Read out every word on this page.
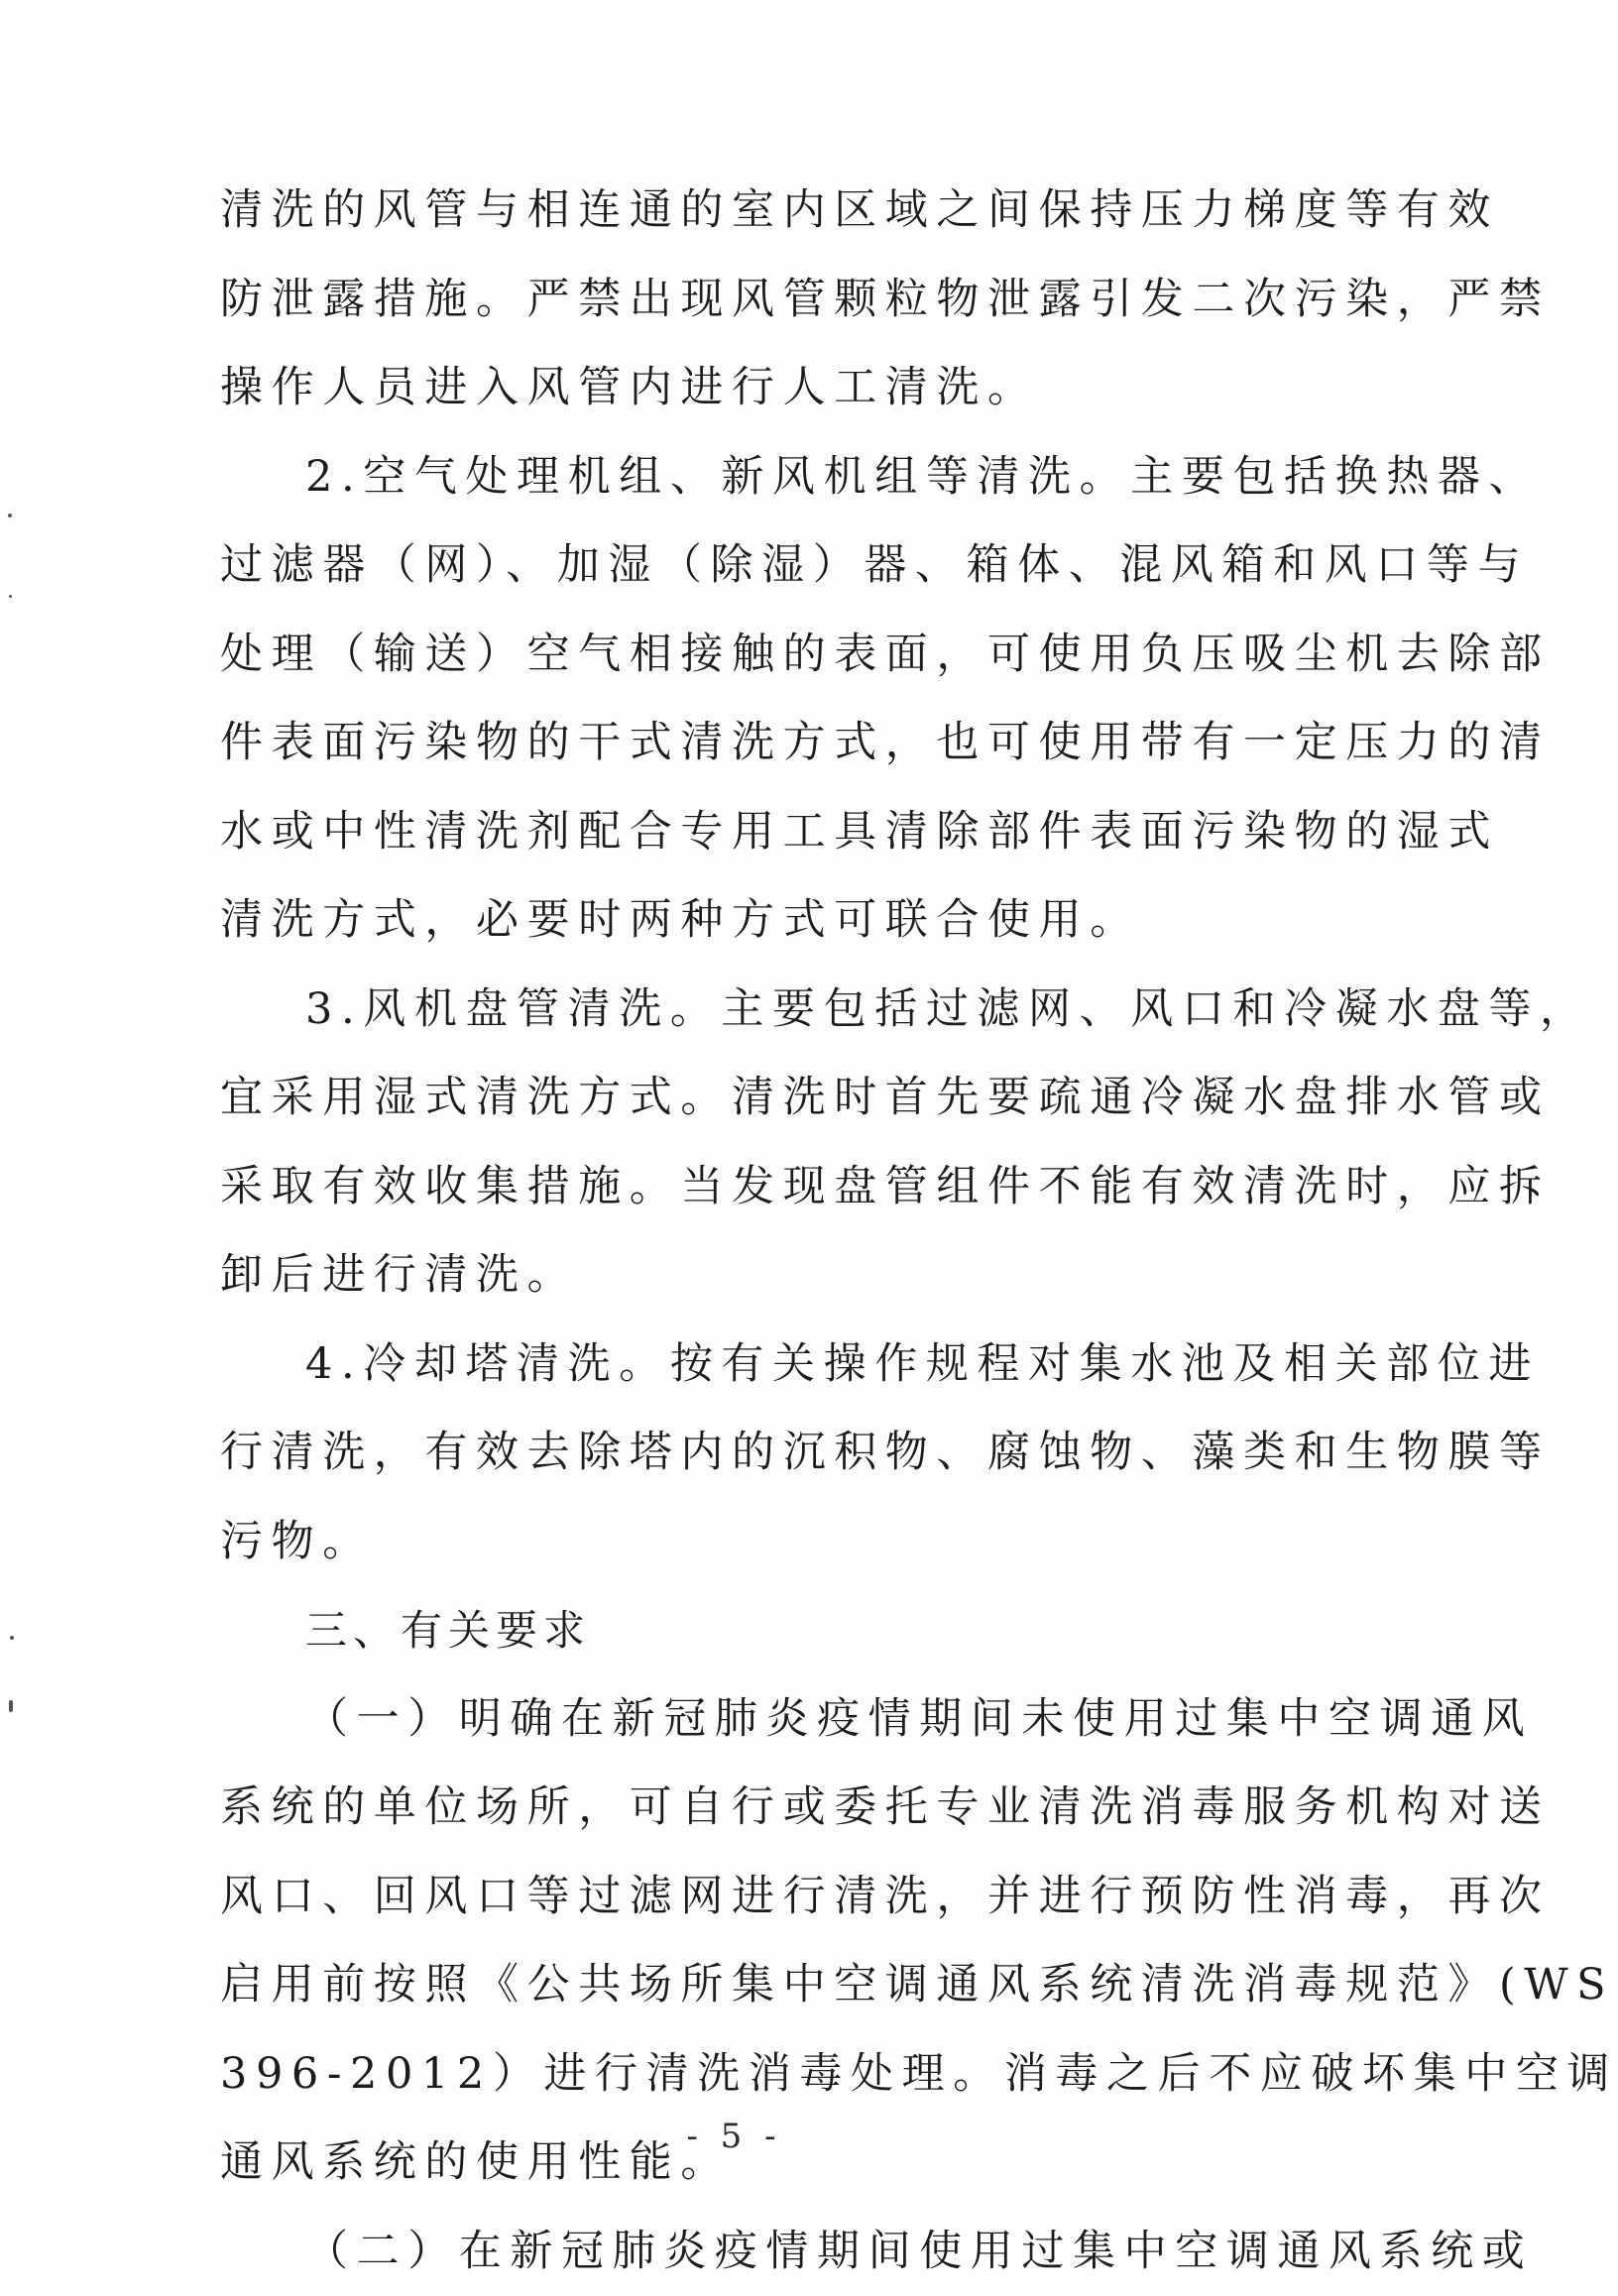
清洗的风管与相连通的室内区域之间保持压力梯度等有效
防泄露措施。严禁出现风管颗粒物泄露引发二次污染，严禁
操作人员进入风管内进行人工清洗。
2.空气处理机组、新风机组等清洗。主要包括换热器、
过滤器（网）、加湿（除湿）器、箱体、混风箱和风口等与
处理（输送）空气相接触的表面，可使用负压吸尘机去除部
件表面污染物的干式清洗方式，也可使用带有一定压力的清
水或中性清洗剂配合专用工具清除部件表面污染物的湿式
清洗方式，必要时两种方式可联合使用。
3.风机盘管清洗。主要包括过滤网、风口和冷凝水盘等，
宜采用湿式清洗方式。清洗时首先要疏通冷凝水盘排水管或
采取有效收集措施。当发现盘管组件不能有效清洗时，应拆
卸后进行清洗。
4.冷却塔清洗。按有关操作规程对集水池及相关部位进
行清洗，有效去除塔内的沉积物、腐蚀物、藻类和生物膜等
污物。
三、有关要求
（一）明确在新冠肺炎疫情期间未使用过集中空调通风
系统的单位场所，可自行或委托专业清洗消毒服务机构对送
风口、回风口等过滤网进行清洗，并进行预防性消毒，再次
启用前按照《公共场所集中空调通风系统清洗消毒规范》(WS
396-2012）进行清洗消毒处理。消毒之后不应破坏集中空调
通风系统的使用性能。
（二）在新冠肺炎疫情期间使用过集中空调通风系统或
- 5 -
